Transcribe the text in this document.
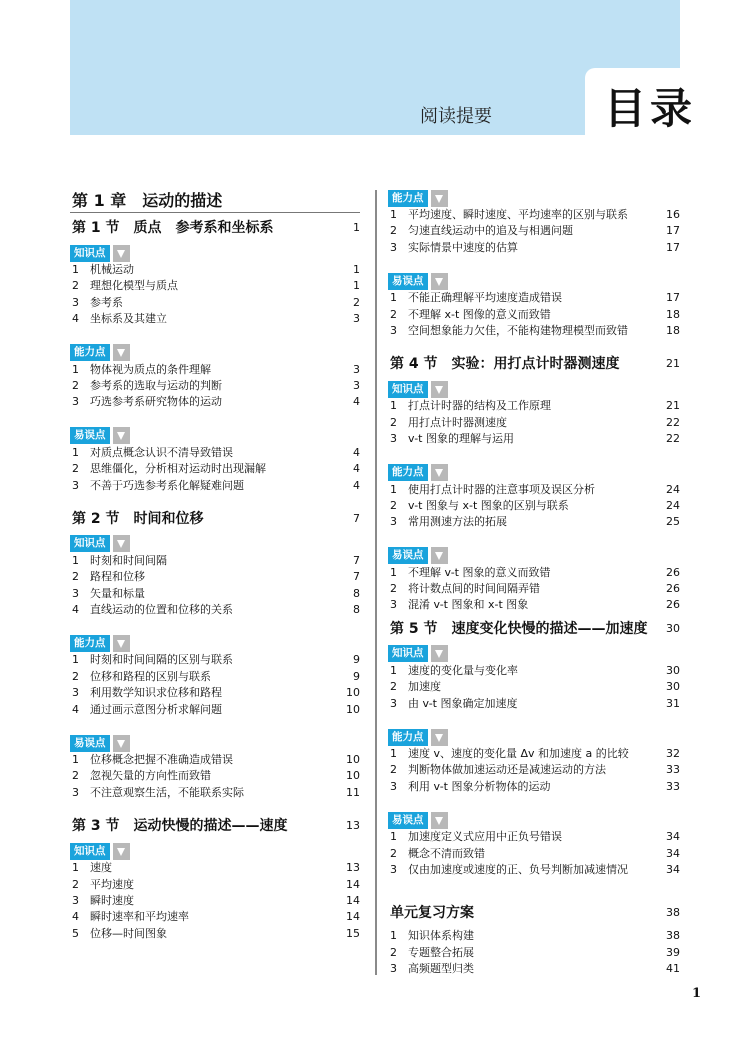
目录
阅读提要
第 1 章　运动的描述
第 1 节　质点　参考系和坐标系	1
知识点
1	机械运动	1
2	理想化模型与质点	1
3	参考系	2
4	坐标系及其建立	3
能力点
1	物体视为质点的条件理解	3
2	参考系的选取与运动的判断	3
3	巧选参考系研究物体的运动	4
易误点
1	对质点概念认识不清导致错误	4
2	思维僵化，分析相对运动时出现漏解	4
3	不善于巧选参考系化解疑难问题	4
第 2 节　时间和位移	7
知识点
1	时刻和时间间隔	7
2	路程和位移	7
3	矢量和标量	8
4	直线运动的位置和位移的关系	8
能力点
1	时刻和时间间隔的区别与联系	9
2	位移和路程的区别与联系	9
3	利用数学知识求位移和路程	10
4	通过画示意图分析求解问题	10
易误点
1	位移概念把握不准确造成错误	10
2	忽视矢量的方向性而致错	10
3	不注意观察生活，不能联系实际	11
第 3 节　运动快慢的描述——速度	13
知识点
1	速度	13
2	平均速度	14
3	瞬时速度	14
4	瞬时速率和平均速率	14
5	位移—时间图象	15
能力点
1	平均速度、瞬时速度、平均速率的区别与联系	16
2	匀速直线运动中的追及与相遇问题	17
3	实际情景中速度的估算	17
易误点
1	不能正确理解平均速度造成错误	17
2	不理解 x-t 图像的意义而致错	18
3	空间想象能力欠佳，不能构建物理模型而致错	18
第 4 节　实验：用打点计时器测速度	21
知识点
1	打点计时器的结构及工作原理	21
2	用打点计时器测速度	22
3	v-t 图象的理解与运用	22
能力点
1	使用打点计时器的注意事项及误区分析	24
2	v-t 图象与 x-t 图象的区别与联系	24
3	常用测速方法的拓展	25
易误点
1	不理解 v-t 图象的意义而致错	26
2	将计数点间的时间间隔弄错	26
3	混淆 v-t 图象和 x-t 图象	26
第 5 节　速度变化快慢的描述——加速度 30
知识点
1	速度的变化量与变化率	30
2	加速度	30
3	由 v-t 图象确定加速度	31
能力点
1	速度 v、速度的变化量 Δv 和加速度 a 的比较	32
2	判断物体做加速运动还是减速运动的方法	33
3	利用 v-t 图象分析物体的运动	33
易误点
1	加速度定义式应用中正负号错误	34
2	概念不清而致错	34
3	仅由加速度或速度的正、负号判断加减速情况	34
单元复习方案	38
1	知识体系构建	38
2	专题整合拓展	39
3	高频题型归类	41
1
